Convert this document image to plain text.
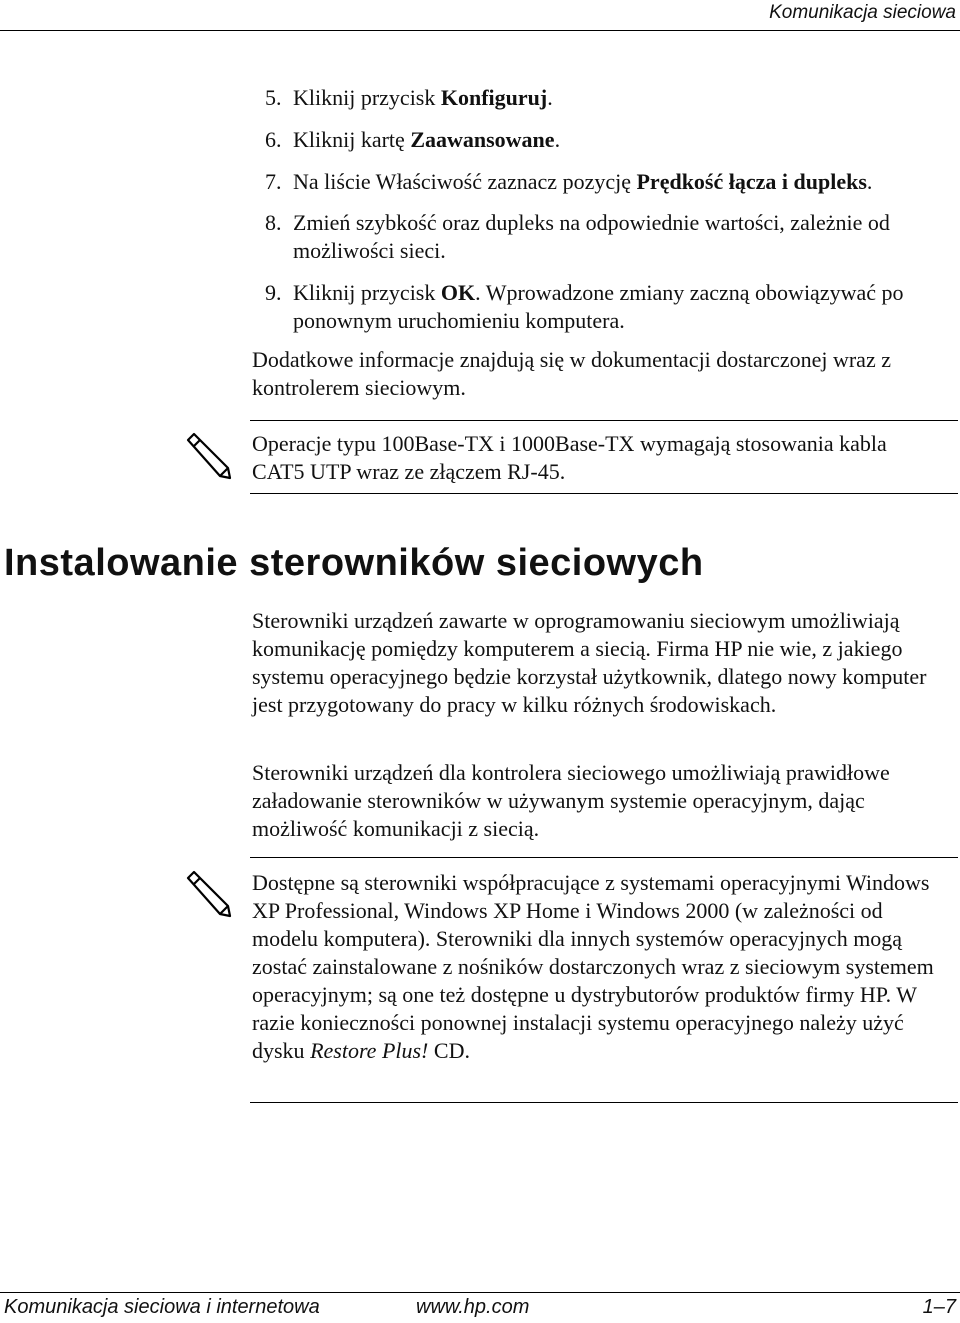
Komunikacja sieciowa
5. Kliknij przycisk Konfiguruj.
6. Kliknij kartę Zaawansowane.
7. Na liście Właściwość zaznacz pozycję Prędkość łącza i dupleks.
8. Zmień szybkość oraz dupleks na odpowiednie wartości, zależnie od możliwości sieci.
9. Kliknij przycisk OK. Wprowadzone zmiany zaczną obowiązywać po ponownym uruchomieniu komputera.
Dodatkowe informacje znajdują się w dokumentacji dostarczonej wraz z kontrolerem sieciowym.
Operacje typu 100Base-TX i 1000Base-TX wymagają stosowania kabla CAT5 UTP wraz ze złączem RJ-45.
Instalowanie sterowników sieciowych
Sterowniki urządzeń zawarte w oprogramowaniu sieciowym umożliwiają komunikację pomiędzy komputerem a siecią. Firma HP nie wie, z jakiego systemu operacyjnego będzie korzystał użytkownik, dlatego nowy komputer jest przygotowany do pracy w kilku różnych środowiskach.
Sterowniki urządzeń dla kontrolera sieciowego umożliwiają prawidłowe załadowanie sterowników w używanym systemie operacyjnym, dając możliwość komunikacji z siecią.
Dostępne są sterowniki współpracujące z systemami operacyjnymi Windows XP Professional, Windows XP Home i Windows 2000 (w zależności od modelu komputera). Sterowniki dla innych systemów operacyjnych mogą zostać zainstalowane z nośników dostarczonych wraz z sieciowym systemem operacyjnym; są one też dostępne u dystrybutorów produktów firmy HP. W razie konieczności ponownej instalacji systemu operacyjnego należy użyć dysku Restore Plus! CD.
Komunikacja sieciowa i internetowa	www.hp.com	1–7
